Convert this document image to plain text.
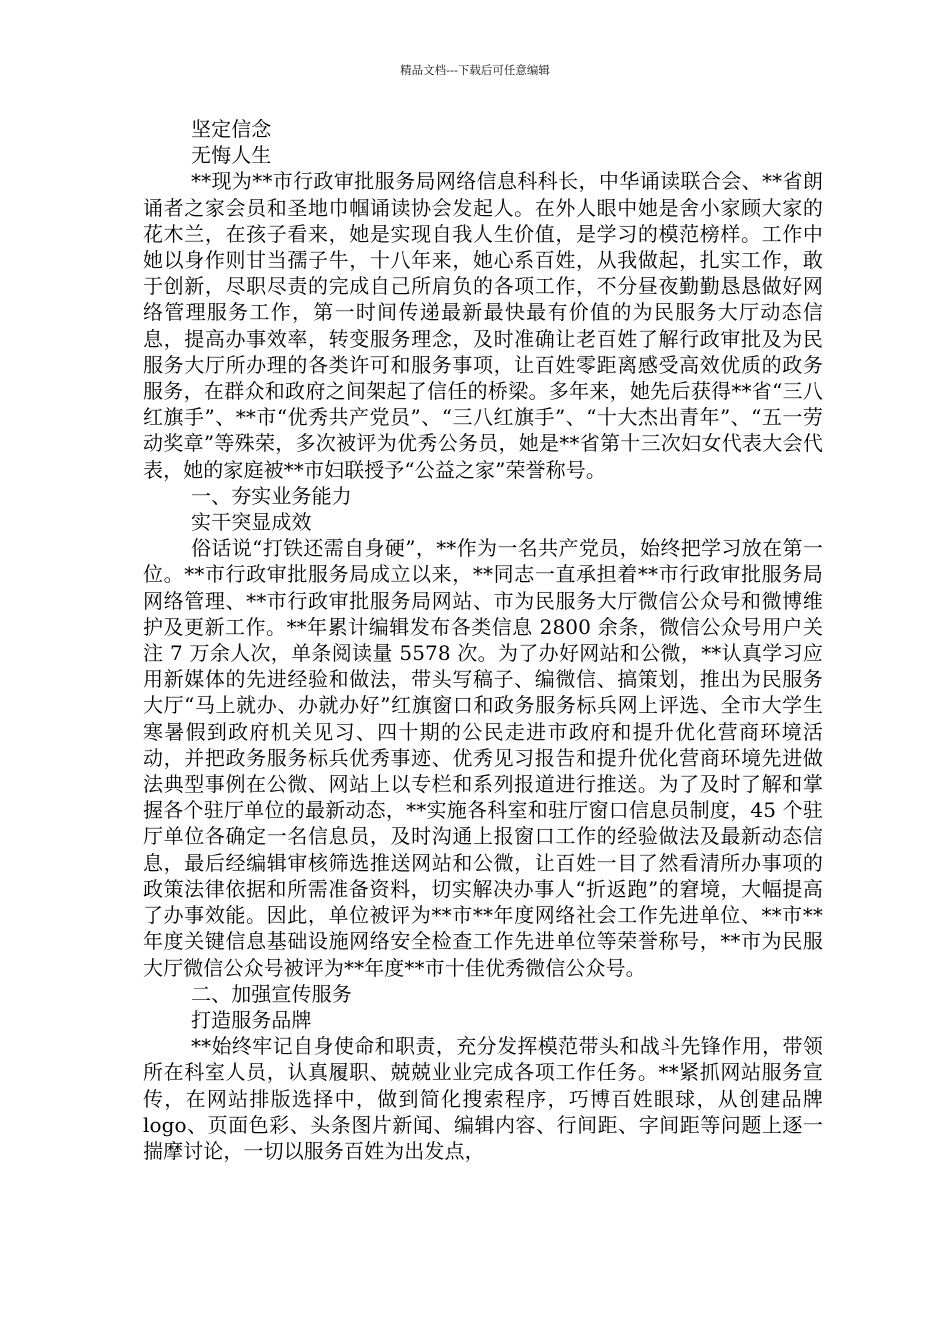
精品文档---下载后可任意编辑

坚定信念

无悔人生

**现为**市行政审批服务局网络信息科科长，中华诵读联合会、**省朗诵者之家会员和圣地巾帼诵读协会发起人。在外人眼中她是舍小家顾大家的花木兰，在孩子看来，她是实现自我人生价值，是学习的模范榜样。工作中她以身作则甘当孺子牛，十八年来，她心系百姓，从我做起，扎实工作，敢于创新，尽职尽责的完成自己所肩负的各项工作，不分昼夜勤勤恳恳做好网络管理服务工作，第一时间传递最新最快最有价值的为民服务大厅动态信息，提高办事效率，转变服务理念，及时准确让老百姓了解行政审批及为民服务大厅所办理的各类许可和服务事项，让百姓零距离感受高效优质的政务服务，在群众和政府之间架起了信任的桥梁。多年来，她先后获得**省“三八红旗手”、**市“优秀共产党员”、“三八红旗手”、“十大杰出青年”、“五一劳动奖章”等殊荣，多次被评为优秀公务员，她是**省第十三次妇女代表大会代表，她的家庭被**市妇联授予“公益之家”荣誉称号。

一、夯实业务能力

实干突显成效

俗话说“打铁还需自身硬”，**作为一名共产党员，始终把学习放在第一位。**市行政审批服务局成立以来，**同志一直承担着**市行政审批服务局网络管理、**市行政审批服务局网站、市为民服务大厅微信公众号和微博维护及更新工作。**年累计编辑发布各类信息 2800 余条，微信公众号用户关注 7 万余人次，单条阅读量 5578 次。为了办好网站和公微，**认真学习应用新媒体的先进经验和做法，带头写稿子、编微信、搞策划，推出为民服务大厅“马上就办、办就办好”红旗窗口和政务服务标兵网上评选、全市大学生寒暑假到政府机关见习、四十期的公民走进市政府和提升优化营商环境活动，并把政务服务标兵优秀事迹、优秀见习报告和提升优化营商环境先进做法典型事例在公微、网站上以专栏和系列报道进行推送。为了及时了解和掌握各个驻厅单位的最新动态，**实施各科室和驻厅窗口信息员制度，45 个驻厅单位各确定一名信息员，及时沟通上报窗口工作的经验做法及最新动态信息，最后经编辑审核筛选推送网站和公微，让百姓一目了然看清所办事项的政策法律依据和所需准备资料，切实解决办事人“折返跑”的窘境，大幅提高了办事效能。因此，单位被评为**市**年度网络社会工作先进单位、**市**年度关键信息基础设施网络安全检查工作先进单位等荣誉称号，**市为民服大厅微信公众号被评为**年度**市十佳优秀微信公众号。

二、加强宣传服务

打造服务品牌

**始终牢记自身使命和职责，充分发挥模范带头和战斗先锋作用，带领所在科室人员，认真履职、兢兢业业完成各项工作任务。**紧抓网站服务宣传，在网站排版选择中，做到简化搜索程序，巧博百姓眼球，从创建品牌 logo、页面色彩、头条图片新闻、编辑内容、行间距、字间距等问题上逐一揣摩讨论，一切以服务百姓为出发点，
